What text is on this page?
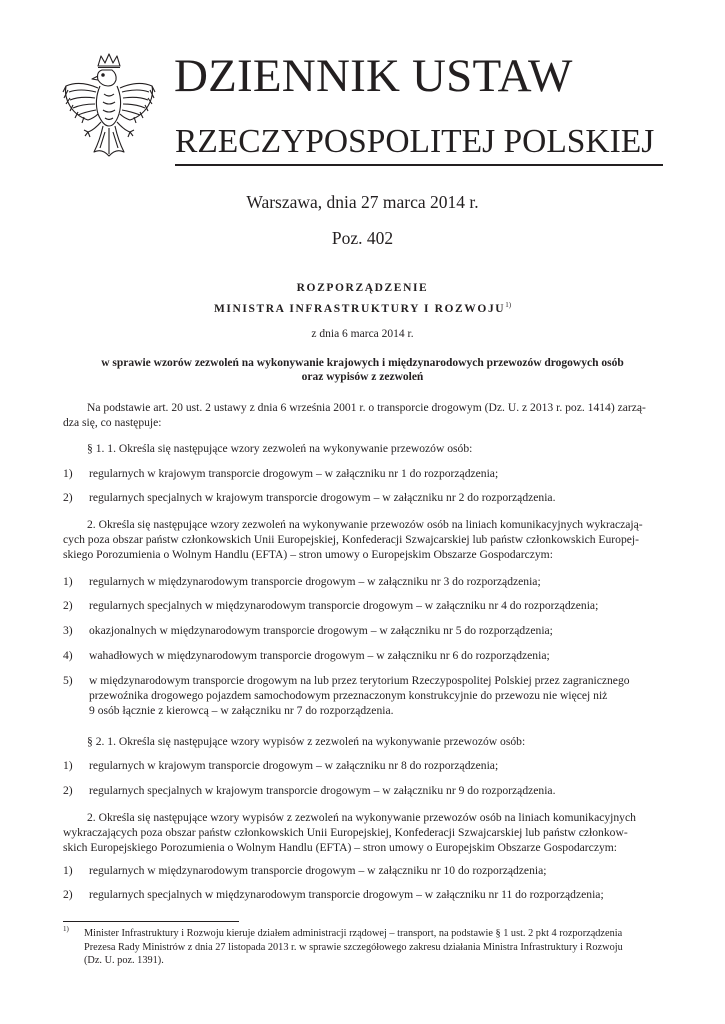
DZIENNIK USTAW
RZECZYPOSPOLITEJ POLSKIEJ
Warszawa, dnia 27 marca 2014 r.
Poz. 402
ROZPORZĄDZENIE
MINISTRA INFRASTRUKTURY I ROZWOJU$^{1)}$
z dnia 6 marca 2014 r.
w sprawie wzorów zezwoleń na wykonywanie krajowych i międzynarodowych przewozów drogowych osób
oraz wypisów z zezwoleń
Na podstawie art. 20 ust. 2 ustawy z dnia 6 września 2001 r. o transporcie drogowym (Dz. U. z 2013 r. poz. 1414) zarzą-
dza się, co następuje:
§ 1. 1. Określa się następujące wzory zezwoleń na wykonywanie przewozów osób:
1)	regularnych w krajowym transporcie drogowym – w załączniku nr 1 do rozporządzenia;
2)	regularnych specjalnych w krajowym transporcie drogowym – w załączniku nr 2 do rozporządzenia.
2. Określa się następujące wzory zezwoleń na wykonywanie przewozów osób na liniach komunikacyjnych wykraczają-
cych poza obszar państw członkowskich Unii Europejskiej, Konfederacji Szwajcarskiej lub państw członkowskich Europej-
skiego Porozumienia o Wolnym Handlu (EFTA) – stron umowy o Europejskim Obszarze Gospodarczym:
1)	regularnych w międzynarodowym transporcie drogowym – w załączniku nr 3 do rozporządzenia;
2)	regularnych specjalnych w międzynarodowym transporcie drogowym – w załączniku nr 4 do rozporządzenia;
3)	okazjonalnych w międzynarodowym transporcie drogowym – w załączniku nr 5 do rozporządzenia;
4)	wahadłowych w międzynarodowym transporcie drogowym – w załączniku nr 6 do rozporządzenia;
5)	w międzynarodowym transporcie drogowym na lub przez terytorium Rzeczypospolitej Polskiej przez zagranicznego
przewoźnika drogowego pojazdem samochodowym przeznaczonym konstrukcyjnie do przewozu nie więcej niż
9 osób łącznie z kierowcą – w załączniku nr 7 do rozporządzenia.
§ 2. 1. Określa się następujące wzory wypisów z zezwoleń na wykonywanie przewozów osób:
1)	regularnych w krajowym transporcie drogowym – w załączniku nr 8 do rozporządzenia;
2)	regularnych specjalnych w krajowym transporcie drogowym – w załączniku nr 9 do rozporządzenia.
2. Określa się następujące wzory wypisów z zezwoleń na wykonywanie przewozów osób na liniach komunikacyjnych
wykraczających poza obszar państw członkowskich Unii Europejskiej, Konfederacji Szwajcarskiej lub państw członkow-
skich Europejskiego Porozumienia o Wolnym Handlu (EFTA) – stron umowy o Europejskim Obszarze Gospodarczym:
1)	regularnych w międzynarodowym transporcie drogowym – w załączniku nr 10 do rozporządzenia;
2)	regularnych specjalnych w międzynarodowym transporcie drogowym – w załączniku nr 11 do rozporządzenia;
1) Minister Infrastruktury i Rozwoju kieruje działem administracji rządowej – transport, na podstawie § 1 ust. 2 pkt 4 rozporządzenia
Prezesa Rady Ministrów z dnia 27 listopada 2013 r. w sprawie szczegółowego zakresu działania Ministra Infrastruktury i Rozwoju
(Dz. U. poz. 1391).
